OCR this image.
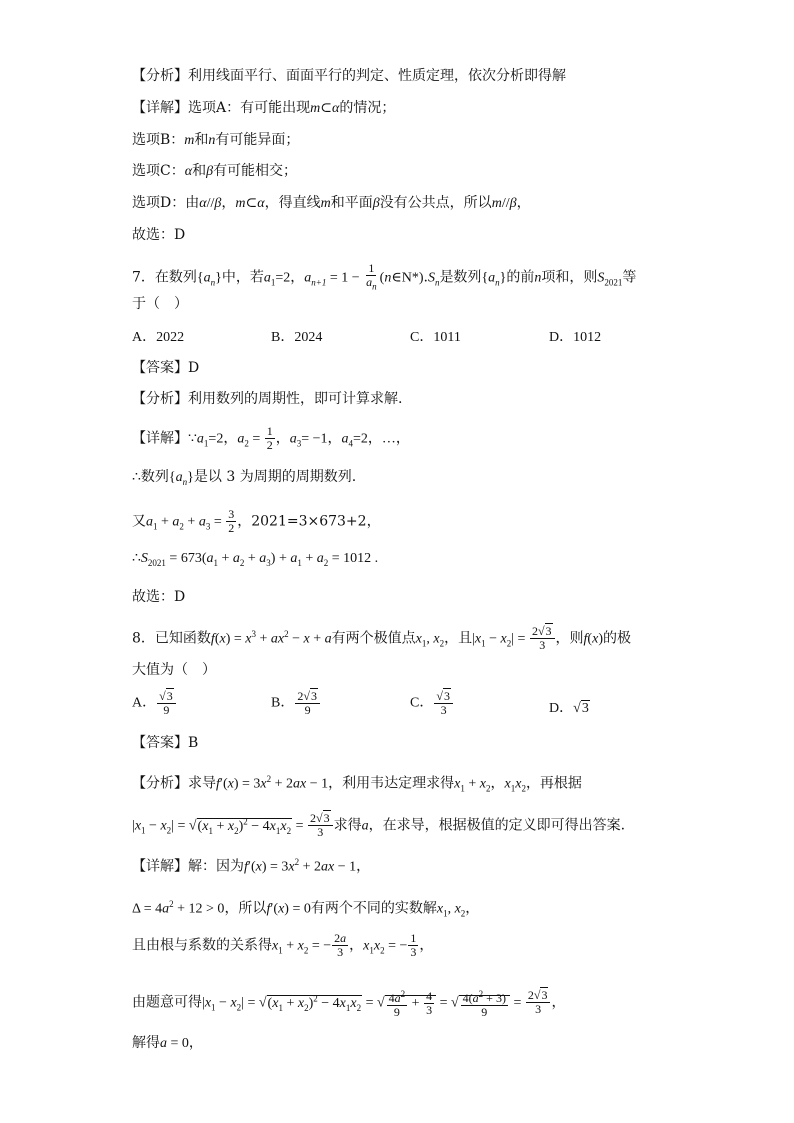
【分析】利用线面平行、面面平行的判定、性质定理，依次分析即得解
【详解】选项A：有可能出现m⊂α的情况；
选项B：m和n有可能异面；
选项C：α和β有可能相交；
选项D：由α//β，m⊂α，得直线m和平面β没有公共点，所以m//β，
故选：D
7．在数列$\{a_n\}$中，若$a_1=2$，$a_{n+1} = 1 - \frac{1}{a_n}$ $(n\in N*).S_n$是数列$\{a_n\}$的前n项和，则$S_{2021}$等
于（　）
A．2022	B．2024	C．1011	D．1012
【答案】D
【分析】利用数列的周期性，即可计算求解.
【详解】$\because a_1=2$，$a_2 = \frac{1}{2}$ ，$a_3= -1$，$a_4=2$，…，
∴数列$\{a_n\}$是以 3 为周期的周期数列.
又$a_1 + a_2 + a_3 = \frac{3}{2}$ ，2021=3×673+2，
$\therefore S_{2021} = 673(a_1 + a_2 + a_3) + a_1 + a_2 = 1012$ .
故选：D
8．已知函数$f(x) = x^3 + ax^2 - x + a$有两个极值点$x_1$, $x_2$，且$|x_1 - x_2| = \frac{2√3}{3}$ ，则f(x)的极
大值为（　）
A． $\frac{√3}{9}$	B． $\frac{2√3}{9}$	C． $\frac{√3}{3}$	D．√3
【答案】B
【分析】求导$f'(x) = 3x^2 + 2ax - 1$，利用韦达定理求得$x_1 + x_2$，$x_1x_2$，再根据
$|x_1 - x_2| = √(x_1 + x_2)^2 - 4x_1x_2 = \frac{2√3}{3}$ 求得a，在求导，根据极值的定义即可得出答案.
【详解】解：因为$f'(x) = 3x^2 + 2ax - 1$，
$\Delta = 4a^2 + 12 > 0$，所以f′(x) = 0有两个不同的实数解$x_1$, $x_2$，
且由根与系数的关系得$x_1 + x_2$ = − $\frac{2a}{3}$ ，$x_1x_2$ = − $\frac{1}{3}$ ，
由题意可得$|x_1 - x_2| = √(x_1 + x_2)^2 - 4x_1x_2$ = √ $\frac{4a^2}{9} + \frac{4}{3}$ = √ $\frac{4(a^2 + 3)}{9} = \frac{2√3}{3}$ ，
解得a = 0，
